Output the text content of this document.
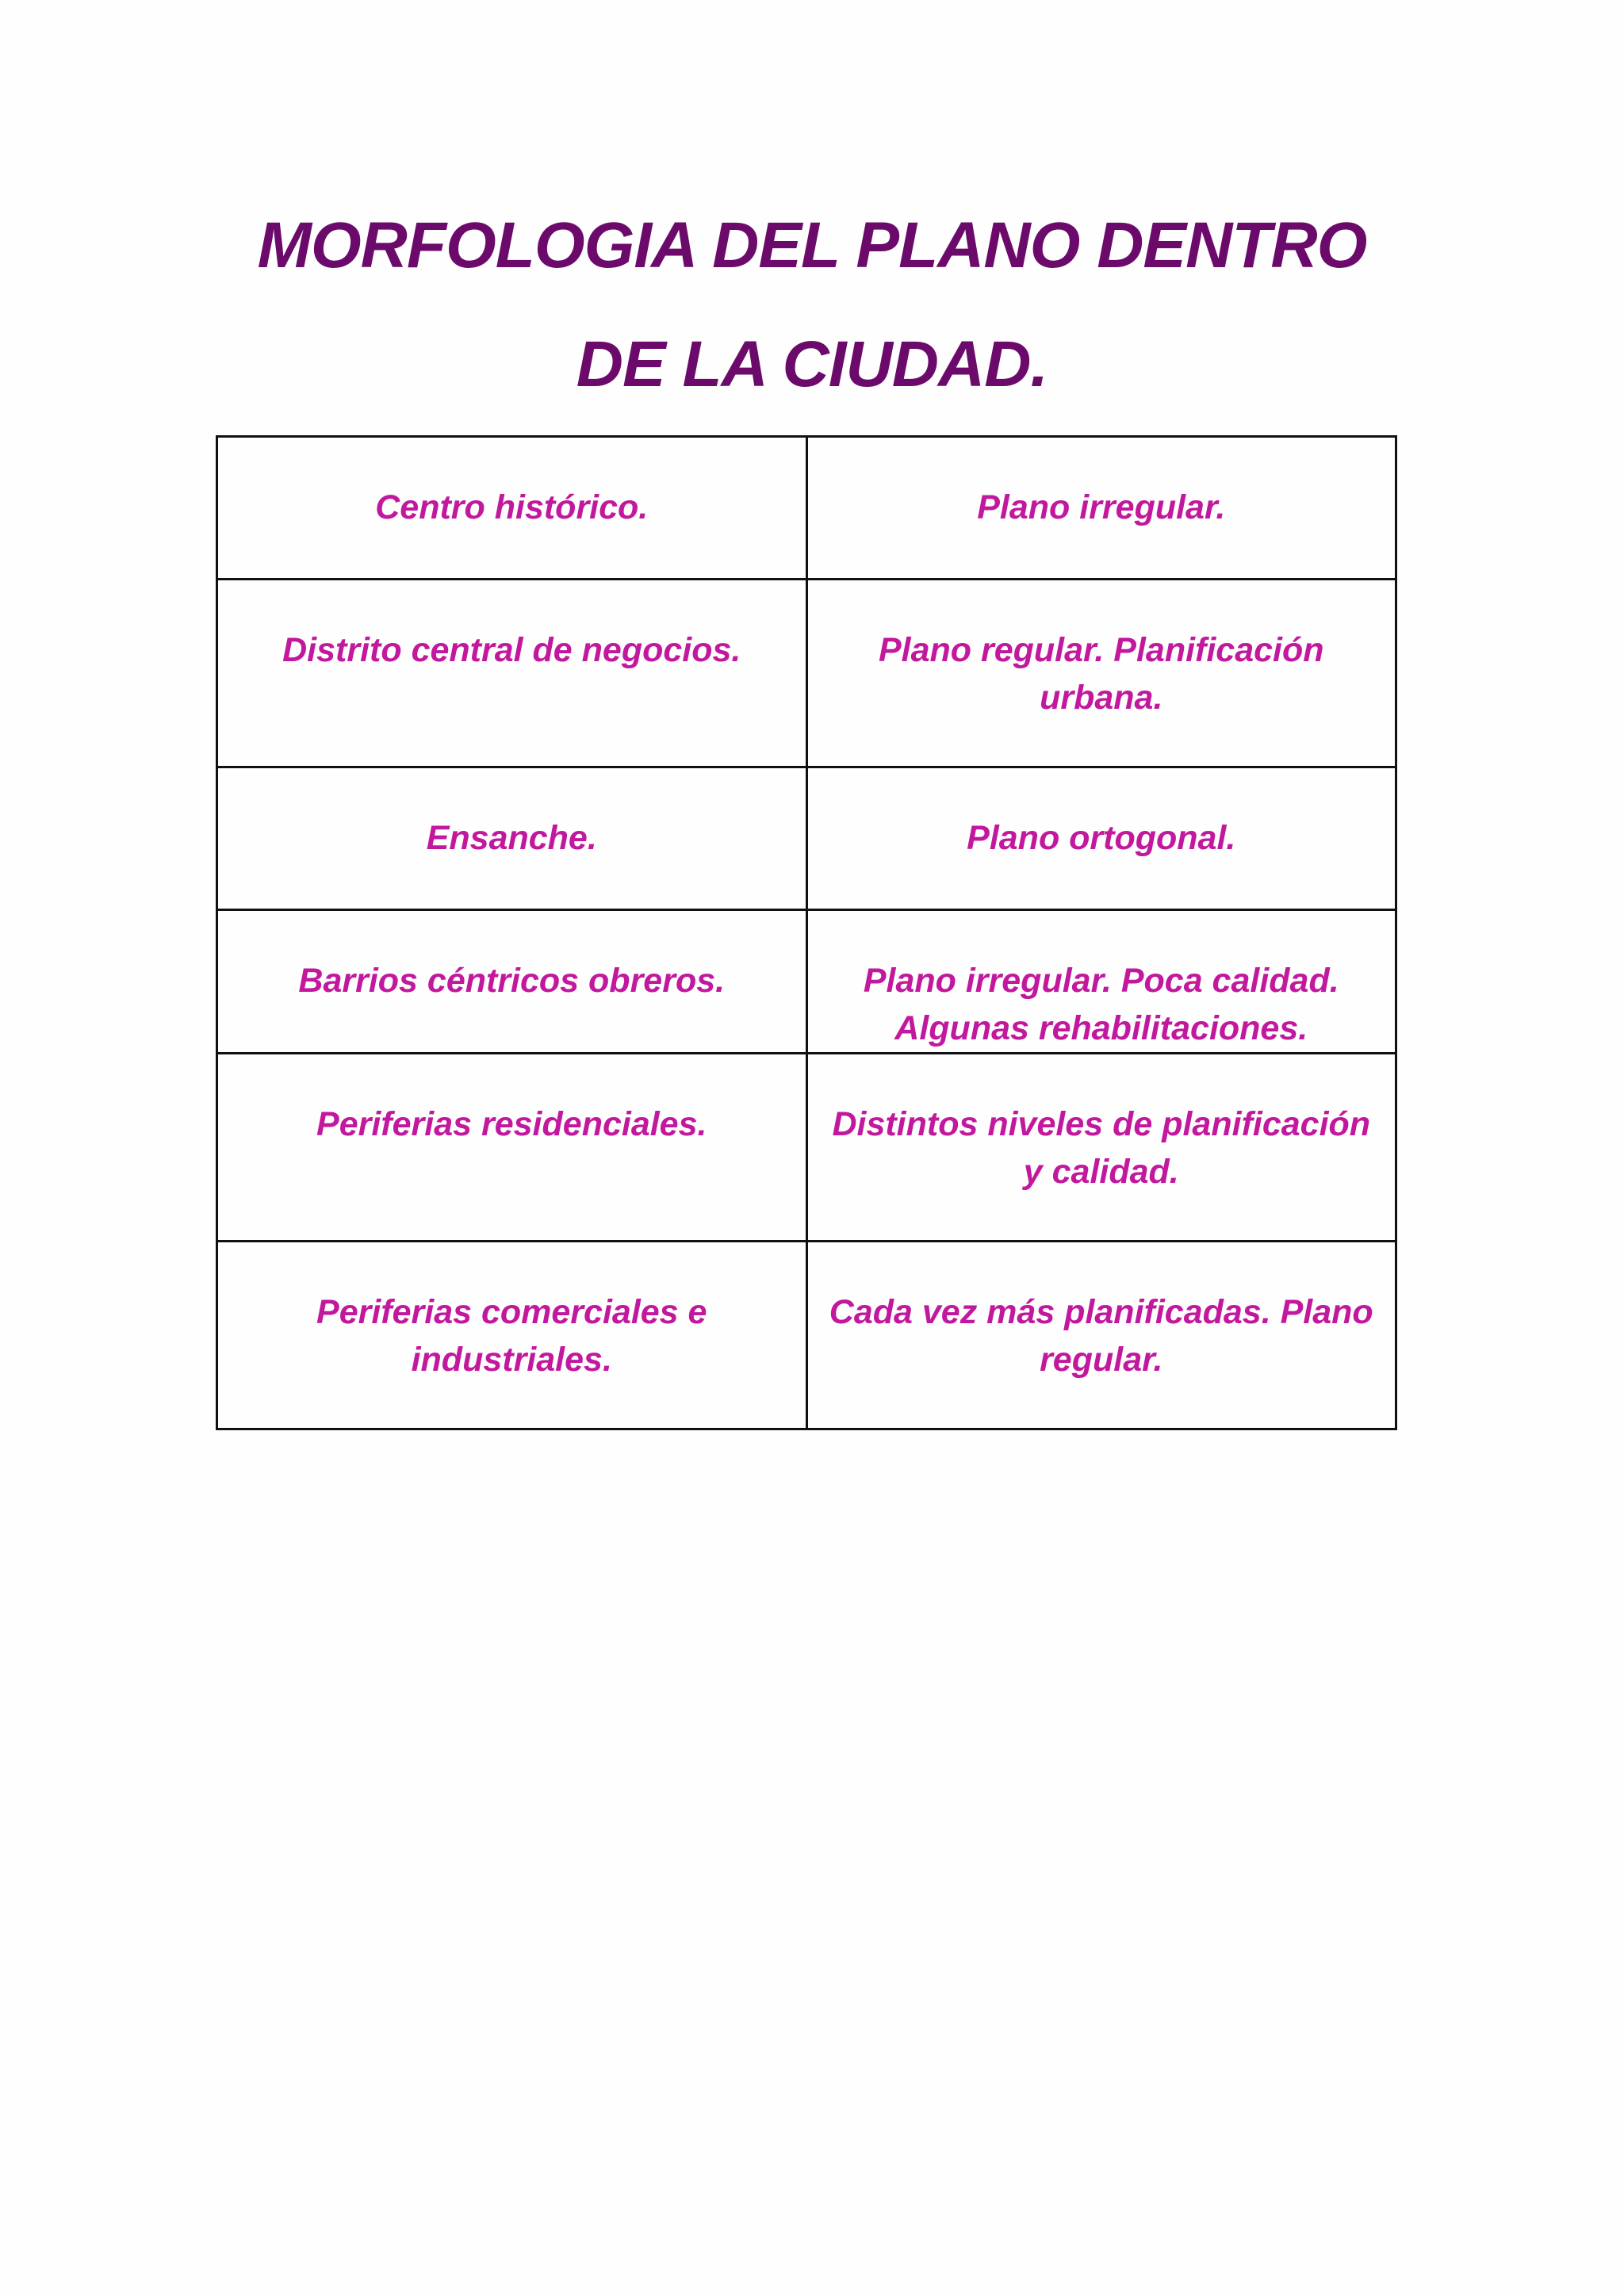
MORFOLOGIA DEL PLANO DENTRO
DE LA CIUDAD.
Centro histórico.	Plano irregular.
Distrito central de negocios.	Plano regular. Planificación urbana.
Ensanche.	Plano ortogonal.
Barrios céntricos obreros.	Plano irregular. Poca calidad. Algunas rehabilitaciones.
Periferias residenciales.	Distintos niveles de planificación y calidad.
Periferias comerciales e industriales.	Cada vez más planificadas. Plano regular.
